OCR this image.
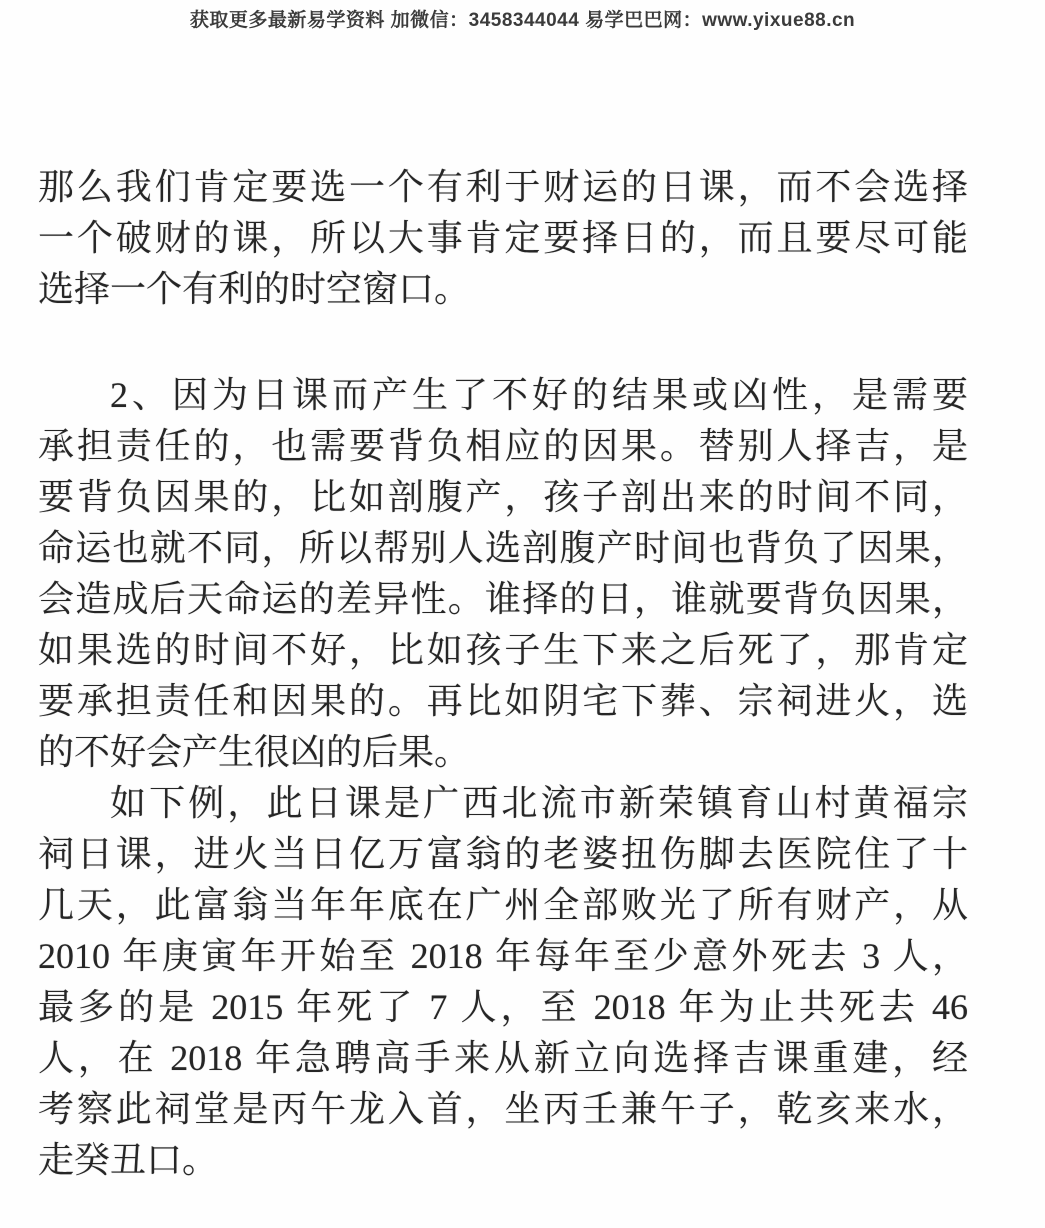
获取更多最新易学资料 加微信：3458344044 易学巴巴网：www.yixue88.cn
那么我们肯定要选一个有利于财运的日课，而不会选择
一个破财的课，所以大事肯定要择日的，而且要尽可能
选择一个有利的时空窗口。
2、因为日课而产生了不好的结果或凶性，是需要
承担责任的，也需要背负相应的因果。替别人择吉，是
要背负因果的，比如剖腹产，孩子剖出来的时间不同，
命运也就不同，所以帮别人选剖腹产时间也背负了因果，
会造成后天命运的差异性。谁择的日，谁就要背负因果，
如果选的时间不好，比如孩子生下来之后死了，那肯定
要承担责任和因果的。再比如阴宅下葬、宗祠进火，选
的不好会产生很凶的后果。
如下例，此日课是广西北流市新荣镇育山村黄福宗
祠日课，进火当日亿万富翁的老婆扭伤脚去医院住了十
几天，此富翁当年年底在广州全部败光了所有财产，从
2010 年庚寅年开始至 2018 年每年至少意外死去 3 人，
最多的是 2015 年死了 7 人，至 2018 年为止共死去 46
人，在 2018 年急聘高手来从新立向选择吉课重建，经
考察此祠堂是丙午龙入首，坐丙壬兼午子，乾亥来水，
走癸丑口。
